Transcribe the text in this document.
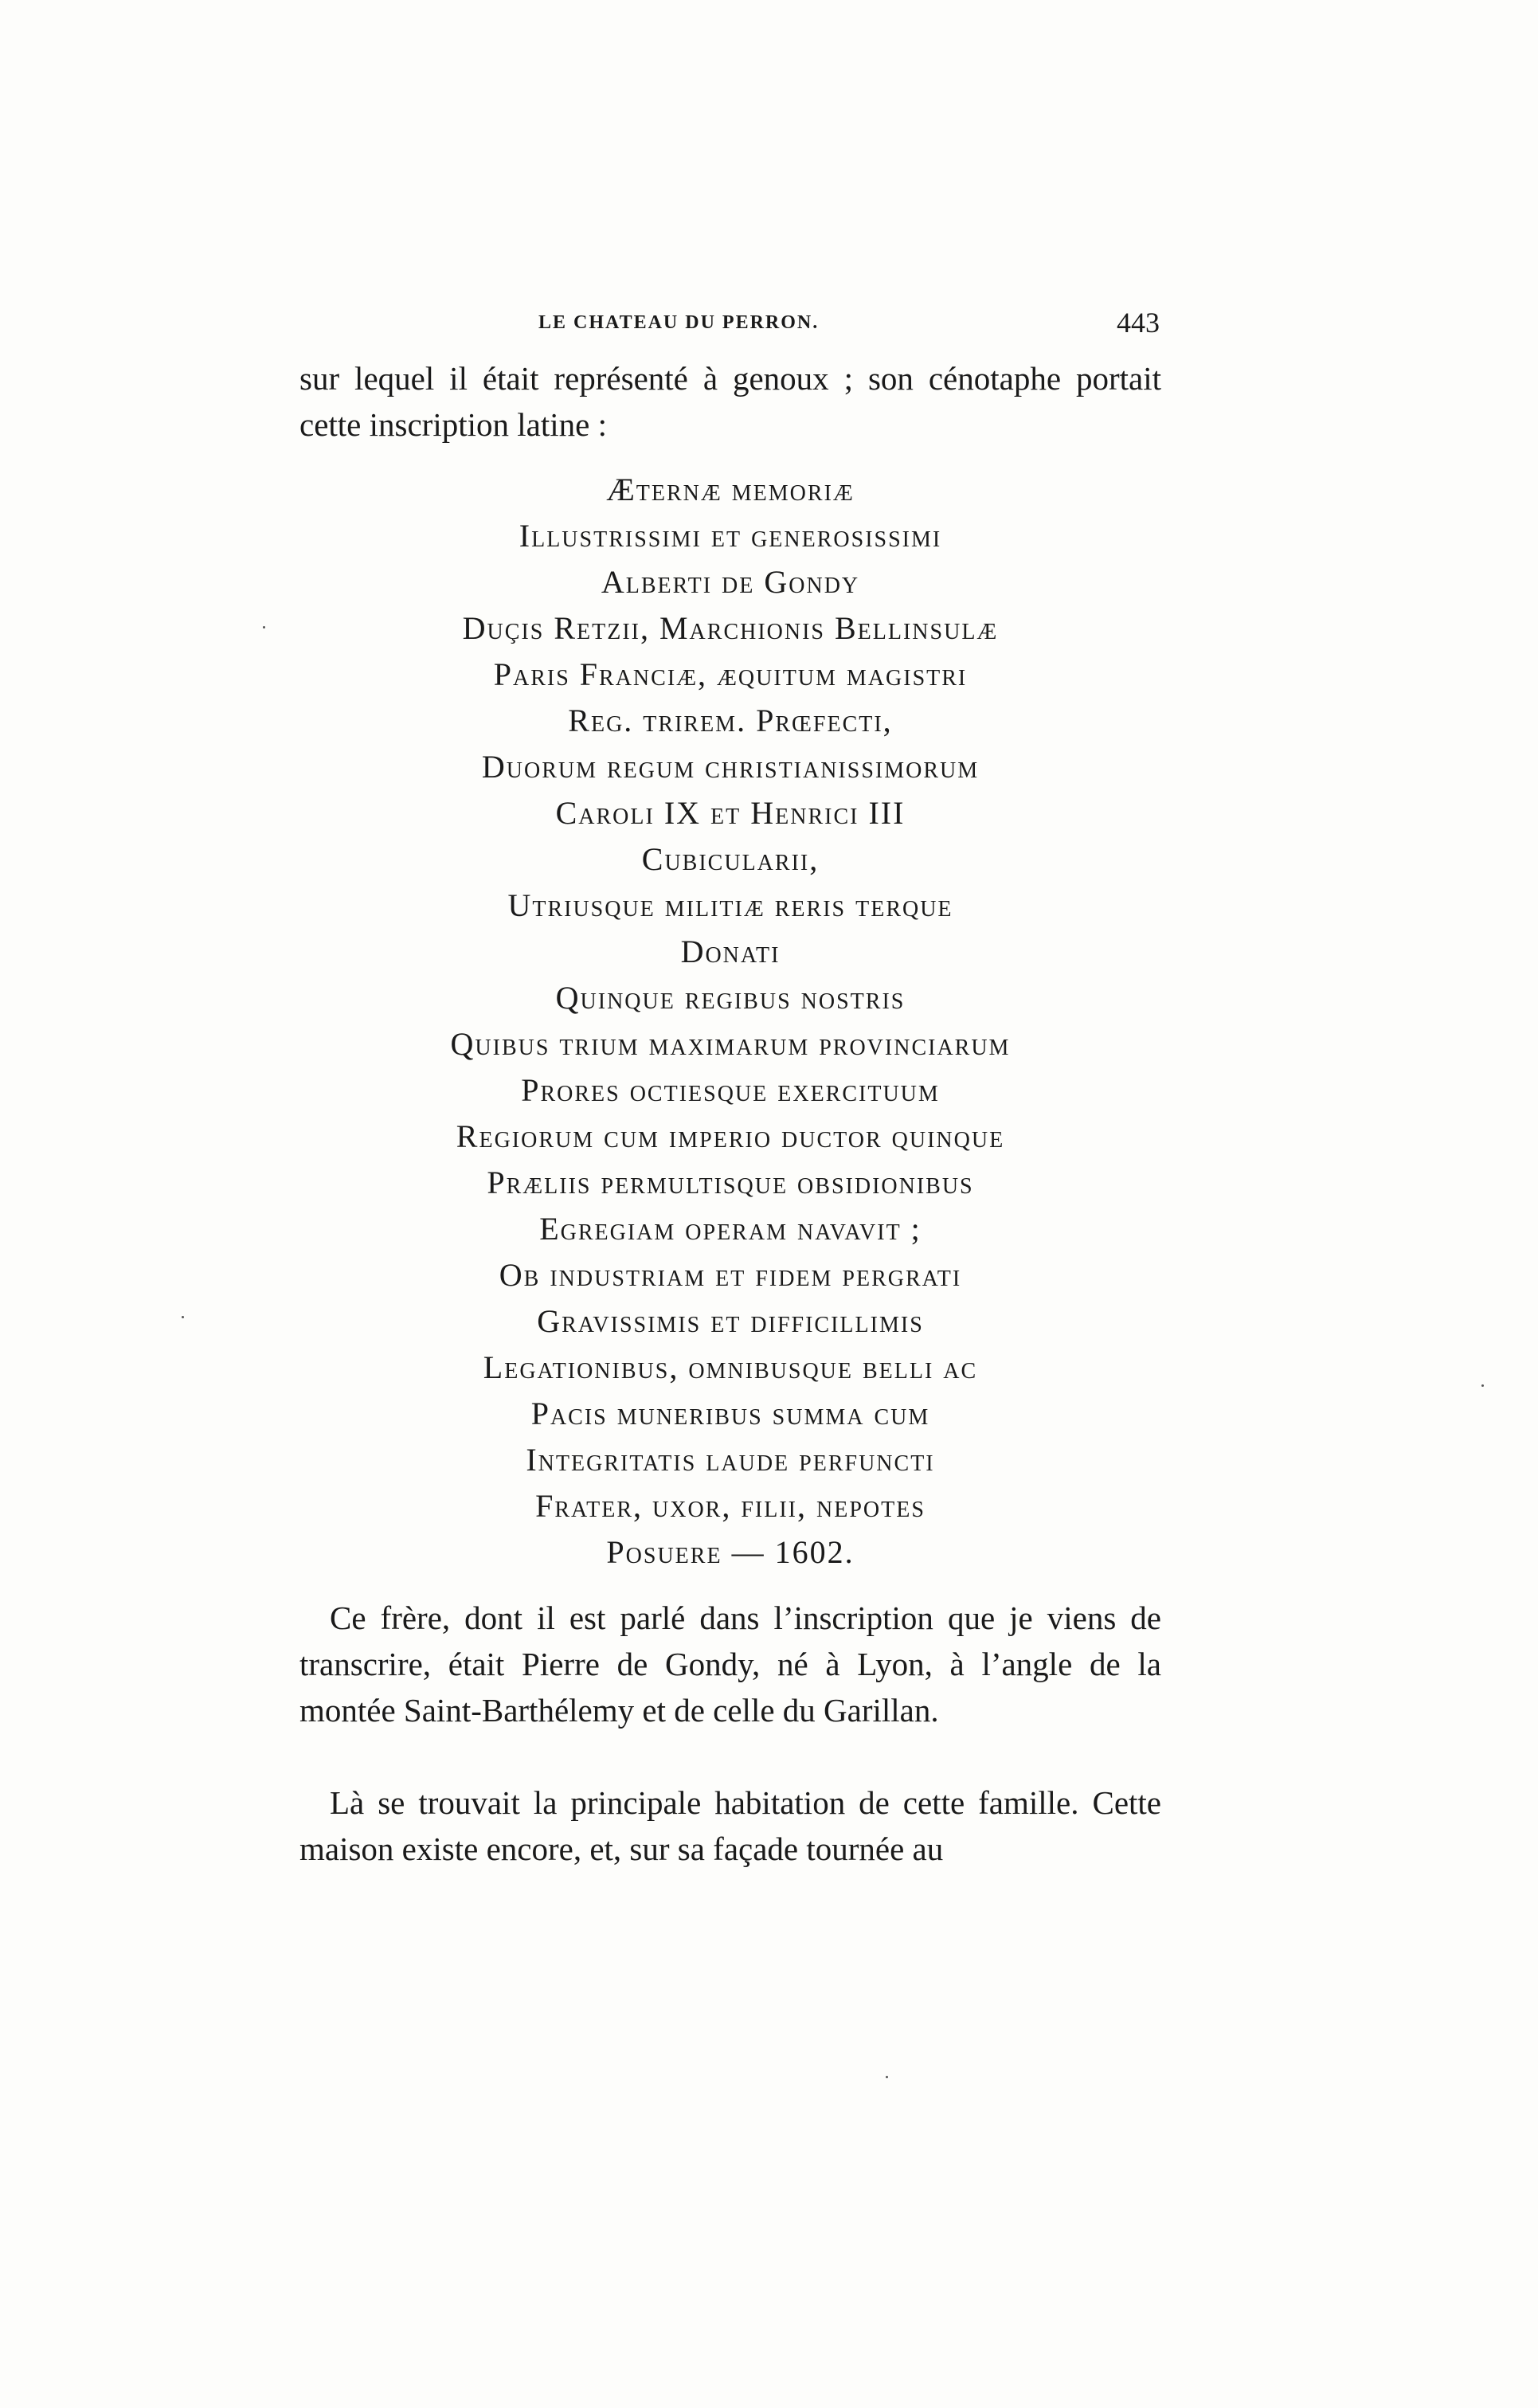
LE CHATEAU DU PERRON.	443

sur lequel il était représenté à genoux ; son cénotaphe portait cette inscription latine :

Æternæ memoriæ
Illustrissimi et generosissimi
Alberti de Gondy
Duçis Retzii, Marchionis Bellinsulæ
Paris Franciæ, æquitum magistri
Reg. trirem. Prœfecti,
Duorum regum christianissimorum
Caroli IX et Henrici III
Cubicularii,
Utriusque militiæ reris terque
Donati
Quinque regibus nostris
Quibus trium maximarum provinciarum
Prores octiesque exercituum
Regiorum cum imperio ductor quinque
Præliis permultisque obsidionibus
Egregiam operam navavit ;
Ob industriam et fidem pergrati
Gravissimis et difficillimis
Legationibus, omnibusque belli ac
Pacis muneribus summa cum
Integritatis laude perfuncti
Frater, uxor, filii, nepotes
Posuere — 1602.

Ce frère, dont il est parlé dans l’inscription que je viens de transcrire, était Pierre de Gondy, né à Lyon, à l’angle de la montée Saint-Barthélemy et de celle du Garillan.

Là se trouvait la principale habitation de cette famille. Cette maison existe encore, et, sur sa façade tournée au
